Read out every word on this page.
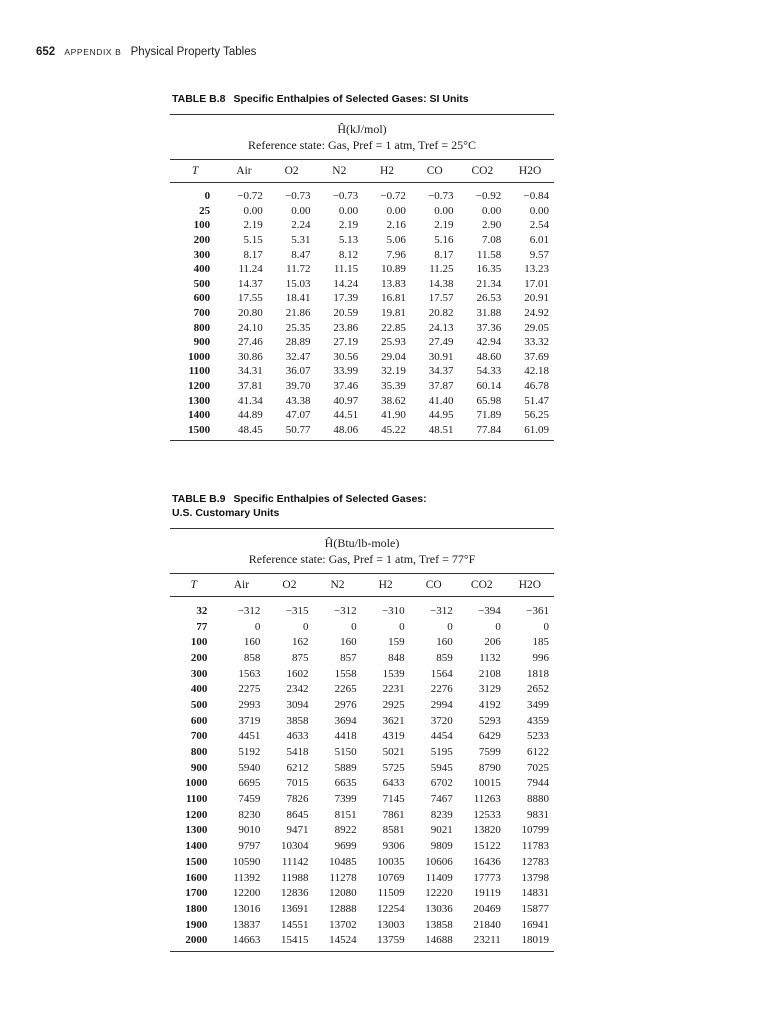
652 APPENDIX B Physical Property Tables
TABLE B.8 Specific Enthalpies of Selected Gases: SI Units
Ĥ(kJ/mol)
Reference state: Gas, Pref = 1 atm, Tref = 25°C
T	Air	O2	N2	H2	CO	CO2	H2O
0	−0.72	−0.73	−0.73	−0.72	−0.73	−0.92	−0.84
25	0.00	0.00	0.00	0.00	0.00	0.00	0.00
100	2.19	2.24	2.19	2.16	2.19	2.90	2.54
200	5.15	5.31	5.13	5.06	5.16	7.08	6.01
300	8.17	8.47	8.12	7.96	8.17	11.58	9.57
400	11.24	11.72	11.15	10.89	11.25	16.35	13.23
500	14.37	15.03	14.24	13.83	14.38	21.34	17.01
600	17.55	18.41	17.39	16.81	17.57	26.53	20.91
700	20.80	21.86	20.59	19.81	20.82	31.88	24.92
800	24.10	25.35	23.86	22.85	24.13	37.36	29.05
900	27.46	28.89	27.19	25.93	27.49	42.94	33.32
1000	30.86	32.47	30.56	29.04	30.91	48.60	37.69
1100	34.31	36.07	33.99	32.19	34.37	54.33	42.18
1200	37.81	39.70	37.46	35.39	37.87	60.14	46.78
1300	41.34	43.38	40.97	38.62	41.40	65.98	51.47
1400	44.89	47.07	44.51	41.90	44.95	71.89	56.25
1500	48.45	50.77	48.06	45.22	48.51	77.84	61.09
TABLE B.9 Specific Enthalpies of Selected Gases:
U.S. Customary Units
Ĥ(Btu/lb-mole)
Reference state: Gas, Pref = 1 atm, Tref = 77°F
T	Air	O2	N2	H2	CO	CO2	H2O
32	−312	−315	−312	−310	−312	−394	−361
77	0	0	0	0	0	0	0
100	160	162	160	159	160	206	185
200	858	875	857	848	859	1132	996
300	1563	1602	1558	1539	1564	2108	1818
400	2275	2342	2265	2231	2276	3129	2652
500	2993	3094	2976	2925	2994	4192	3499
600	3719	3858	3694	3621	3720	5293	4359
700	4451	4633	4418	4319	4454	6429	5233
800	5192	5418	5150	5021	5195	7599	6122
900	5940	6212	5889	5725	5945	8790	7025
1000	6695	7015	6635	6433	6702	10015	7944
1100	7459	7826	7399	7145	7467	11263	8880
1200	8230	8645	8151	7861	8239	12533	9831
1300	9010	9471	8922	8581	9021	13820	10799
1400	9797	10304	9699	9306	9809	15122	11783
1500	10590	11142	10485	10035	10606	16436	12783
1600	11392	11988	11278	10769	11409	17773	13798
1700	12200	12836	12080	11509	12220	19119	14831
1800	13016	13691	12888	12254	13036	20469	15877
1900	13837	14551	13702	13003	13858	21840	16941
2000	14663	15415	14524	13759	14688	23211	18019
